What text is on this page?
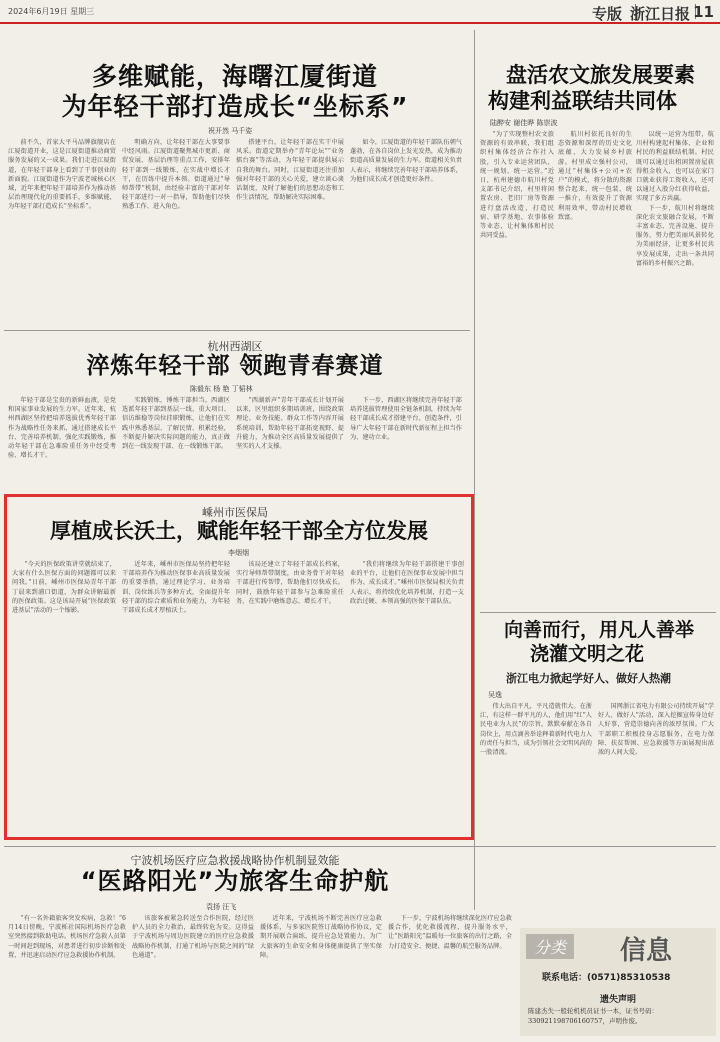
2024年6月19日 星期三	专版 浙江日报 11
多维赋能，海曙江厦街道
为年轻干部打造成长“坐标系”
祝开然 马千姿

前不久，首家大平马品牌旗舰店在江厦街道开业，这是江厦街道推动商贸服务发展的又一成果。我们走进江厦街道，在年轻干部身上看到了干事创业的新面貌。江厦街道作为宁波老城核心区域，近年来把年轻干部培养作为推动基层治理现代化的重要抓手，多维赋能，为年轻干部打造成长“坐标系”。

明确方向，让年轻干部在大事要事中经风雨。江厦街道聚焦城市更新、商贸发展、基层治理等重点工作，安排年轻干部到一线锻炼，在实战中增长才干，在历练中提升本领。街道通过“导师帮带”机制，由经验丰富的干部对年轻干部进行一对一指导，帮助他们尽快熟悉工作、进入角色。

搭建平台，让年轻干部在实干中展风采。街道定期举办“青年论坛”“业务擂台赛”等活动，为年轻干部提供展示自我的舞台。同时，江厦街道还注重加强对年轻干部的关心关爱，建立谈心谈话制度，及时了解他们的思想动态和工作生活情况，帮助解决实际困难。

如今，江厦街道的年轻干部队伍朝气蓬勃，在各自岗位上发光发热，成为推动街道高质量发展的生力军。街道相关负责人表示，将继续完善年轻干部培养体系，为他们成长成才创造更好条件。

盘活农文旅发展要素
构建利益联结共同体
陆醉安 谢佳晔 陈崇波

“为了实现整村农文旅资源的有效串联，我们组织村集体经济合作社入股，引入专业运营团队，统一规划、统一运营。”近日，杭州建德市航川村党支部书记介绍，村里将闲置农房、老旧厂房等资源进行盘活改造，打造民宿、研学基地、农事体验等业态，让村集体和村民共同受益。

航川村依托良好的生态资源和深厚的历史文化底蕴，大力发展乡村旅游。村里成立强村公司，通过“村集体+公司+农户”的模式，将分散的资源整合起来，统一包装、统一推介，有效提升了资源利用效率，带动村民增收致富。

以统一运营为纽带，航川村构建起村集体、企业和村民的利益联结机制。村民既可以通过出租闲置房屋获得租金收入，也可以在家门口就业获得工资收入，还可以通过入股分红获得收益，实现了多方共赢。

下一步，航川村将继续深化农文旅融合发展，不断丰富业态、完善设施、提升服务，努力把美丽风景转化为美丽经济，让更多村民共享发展成果，走出一条共同富裕的乡村振兴之路。

杭州西湖区
淬炼年轻干部 领跑青春赛道
陈毅东 杨 艳 丁韬林

年轻干部是宝贵的新鲜血液，是党和国家事业发展的生力军。近年来，杭州西湖区坚持把培养选拔优秀年轻干部作为战略性任务来抓，通过搭建成长平台、完善培养机制、强化实践锻炼，推动年轻干部在急难险重任务中经受考验、增长才干。

实践锻炼，锤炼干部担当。西湖区选派年轻干部到基层一线、重大项目、信访维稳等岗位挂职锻炼，让他们在实践中熟悉基层、了解民情、积累经验，不断提升解决实际问题的能力，真正做到在一线发现干部、在一线锻炼干部。

“西湖新声”青年干部成长计划开展以来，区里组织多期培训班，围绕政策理论、业务技能、群众工作等内容开展系统培训，帮助年轻干部拓宽视野、提升能力，为推动全区高质量发展提供了坚实的人才支撑。

下一步，西湖区将继续完善年轻干部培养选拔管理使用全链条机制，持续为年轻干部成长成才搭建平台、创造条件，引导广大年轻干部在新时代新征程上担当作为、建功立业。

嵊州市医保局
厚植成长沃土，赋能年轻干部全方位发展
李烟烟

“今天的医保政策讲堂就结束了，大家有什么医保方面的问题都可以来问我。”日前，嵊州市医保局青年干部丁晨来到浦口街道，为群众讲解最新的医保政策。这是该局开展“医保政策进基层”活动的一个缩影。

近年来，嵊州市医保局坚持把年轻干部培养作为推动医保事业高质量发展的重要举措，通过理论学习、业务培训、岗位练兵等多种方式，全面提升年轻干部的综合素质和业务能力，为年轻干部成长成才厚植沃土。

该局还建立了年轻干部成长档案，实行导师帮带制度，由业务骨干对年轻干部进行传帮带，帮助他们尽快成长。同时，鼓励年轻干部参与急难险重任务，在实践中磨炼意志、增长才干。

“我们将继续为年轻干部搭建干事创业的平台，让他们在医保事业发展中担当作为、成长成才。”嵊州市医保局相关负责人表示，将持续优化培养机制，打造一支政治过硬、本领高强的医保干部队伍。

向善而行，用凡人善举
浇灌文明之花
浙江电力掀起学好人、做好人热潮
吴逸

伟大出自平凡，平凡造就伟大。在浙江，有这样一群平凡的人，他们用“红”人民电业为人民”的宗旨，默默奉献在各自岗位上，用点滴善举诠释着新时代电力人的责任与担当，成为引领社会文明风尚的一股清流。

国网浙江省电力有限公司持续开展“学好人、做好人”活动，深入挖掘宣传身边好人好事，营造崇德向善的浓厚氛围。广大干部职工积极投身志愿服务，在电力保障、扶贫帮困、应急救援等方面展现出浓浓的人间大爱。

宁波机场医疗应急救援战略协作机制显效能
“医路阳光”为旅客生命护航
袁扬 汪飞

“有一名外籍旅客突发疾病，急救！”6月14日傍晚，宁波栎社国际机场医疗急救室突然接到救助电话。机场医疗急救人员第一时间赶到现场，对患者进行初步诊断和处置，并迅速启动医疗应急救援协作机制。

该旅客被紧急转送至合作医院，经过医护人员的全力救治，最终转危为安。这得益于宁波机场与周边医院建立的医疗应急救援战略协作机制，打通了机场与医院之间的“绿色通道”。

近年来，宁波机场不断完善医疗应急救援体系，与多家医院签订战略协作协议，定期开展联合演练，提升应急处置能力，为广大旅客的生命安全和身体健康提供了坚实保障。

下一步，宁波机场将继续深化医疗应急救援合作，优化救援流程，提升服务水平，让“医路阳光”温暖每一位旅客的出行之路，全力打造安全、便捷、温馨的航空服务品牌。	分类	信息
联系电话：(0571)85310538
遗失声明
陈建杰失一般轮机机员证书一本，证书号码：330921198706160757，声明作废。
